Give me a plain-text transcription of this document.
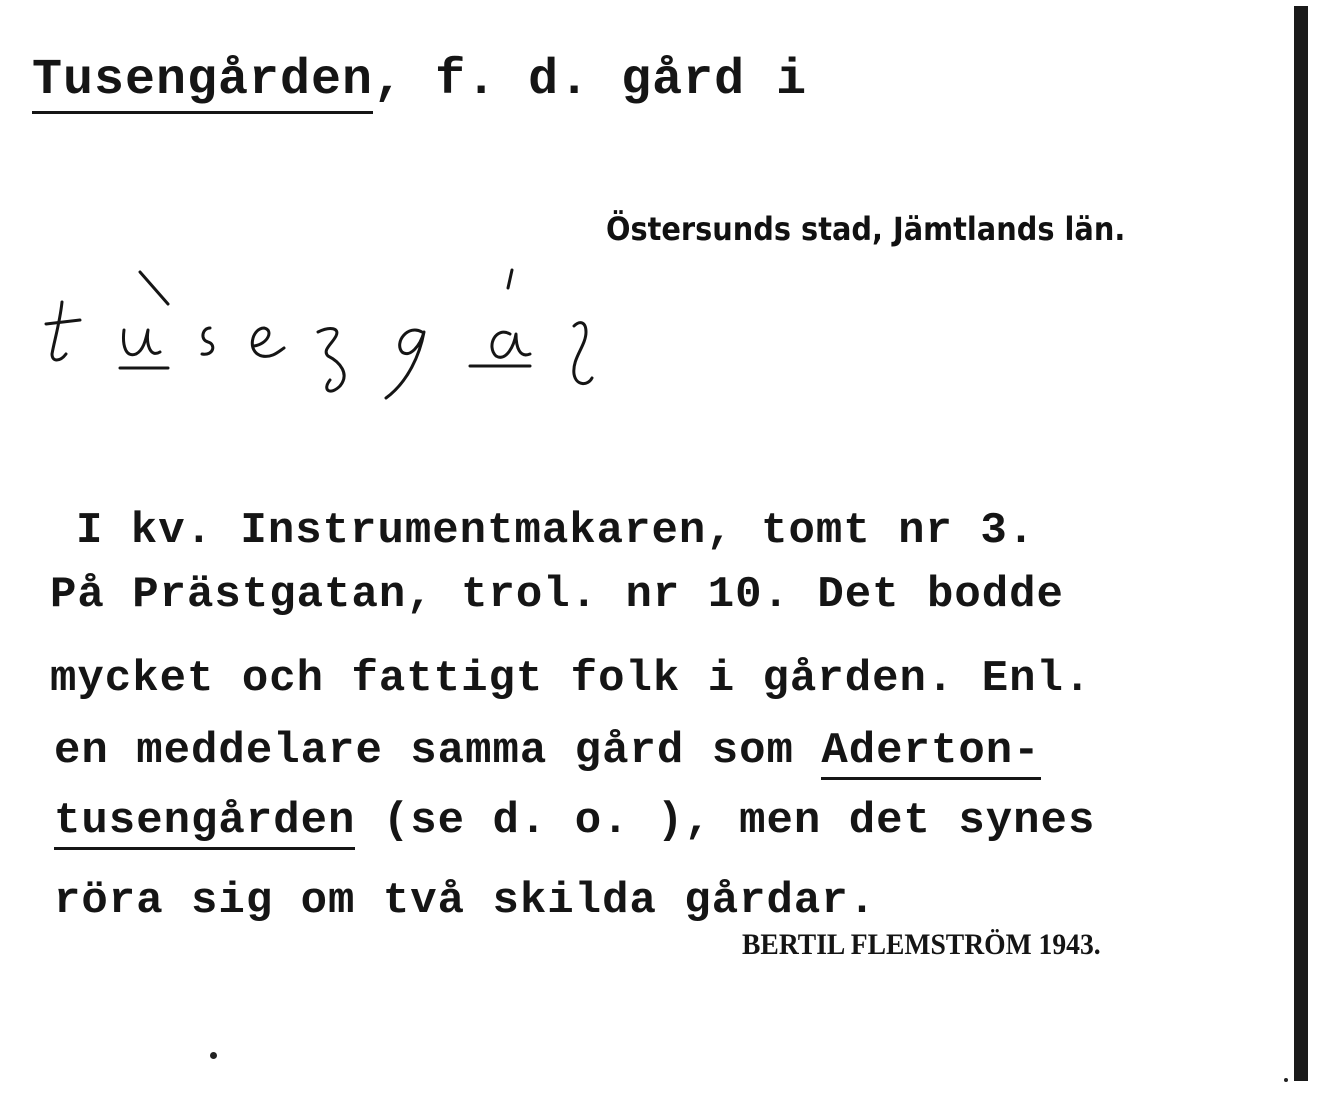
Tusengården, f. d. gård i
Östersunds stad, Jämtlands län.
I kv. Instrumentmakaren, tomt nr 3.
På Prästgatan, trol. nr 10. Det bodde
mycket och fattigt folk i gården. Enl.
en meddelare samma gård som Aderton-
tusengården (se d. o. ), men det synes
röra sig om två skilda gårdar.
BERTIL FLEMSTRÖM 1943.
